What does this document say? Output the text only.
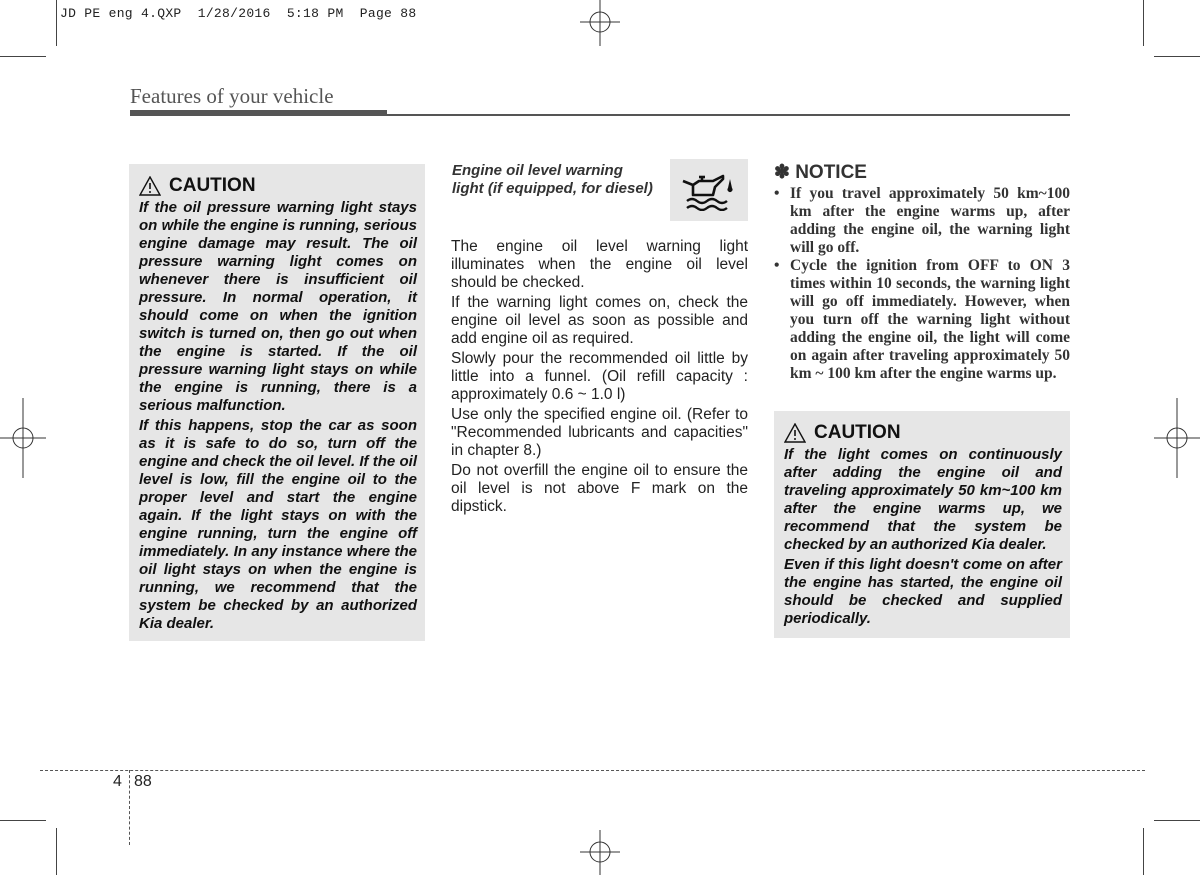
JD PE eng 4.QXP  1/28/2016  5:18 PM  Page 88
Features of your vehicle
CAUTION

If the oil pressure warning light stays on while the engine is running, serious engine damage may result. The oil pressure warning light comes on whenever there is insufficient oil pressure. In normal operation, it should come on when the ignition switch is turned on, then go out when the engine is started. If the oil pressure warning light stays on while the engine is running, there is a serious malfunction.

If this happens, stop the car as soon as it is safe to do so, turn off the engine and check the oil level. If the oil level is low, fill the engine oil to the proper level and start the engine again. If the light stays on with the engine running, turn the engine off immediately. In any instance where the oil light stays on when the engine is running, we recommend that the system be checked by an authorized Kia dealer.

Engine oil level warning
light (if equipped, for diesel)

The engine oil level warning light illuminates when the engine oil level should be checked.

If the warning light comes on, check the engine oil level as soon as possible and add engine oil as required.

Slowly pour the recommended oil little by little into a funnel. (Oil refill capacity : approximately 0.6 ~ 1.0 l)

Use only the specified engine oil. (Refer to "Recommended lubricants and capacities" in chapter 8.)

Do not overfill the engine oil to ensure the oil level is not above F mark on the dipstick.

✽ NOTICE
• If you travel approximately 50 km~100 km after the engine warms up, after adding the engine oil, the warning light will go off.
• Cycle the ignition from OFF to ON 3 times within 10 seconds, the warning light will go off immediately. However, when you turn off the warning light without adding the engine oil, the light will come on again after traveling approximately 50 km ~ 100 km after the engine warms up.
CAUTION

If the light comes on continuously after adding the engine oil and traveling approximately 50 km~100 km after the engine warms up, we recommend that the system be checked by an authorized Kia dealer.

Even if this light doesn't come on after the engine has started, the engine oil should be checked and supplied periodically.

4 88
